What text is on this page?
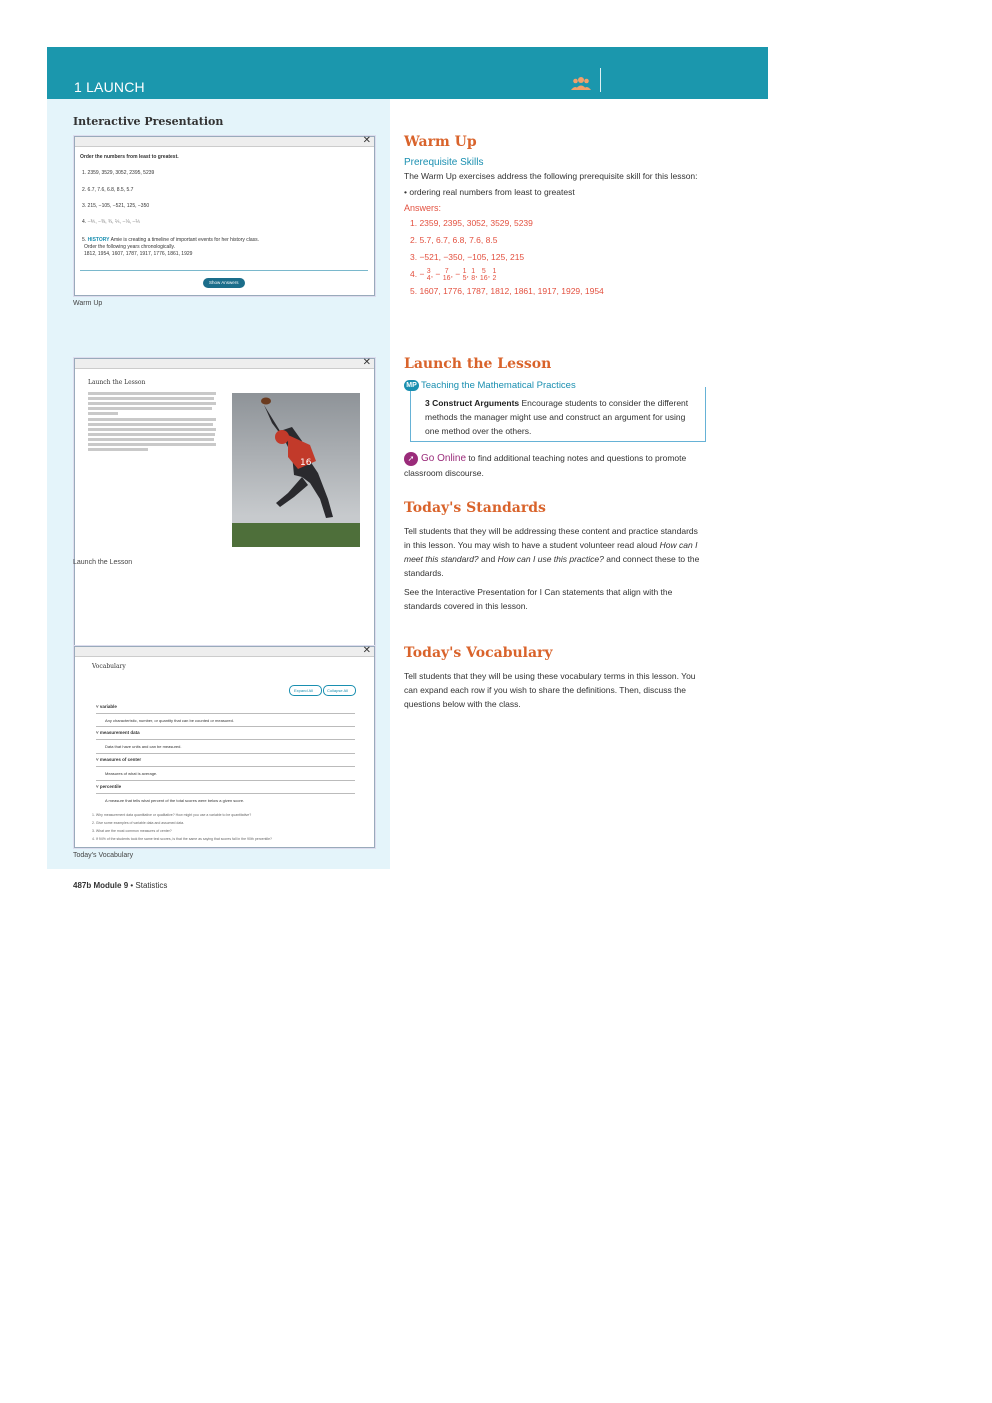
1 LAUNCH
Interactive Presentation
✕
Order the numbers from least to greatest.
1. 2359, 3529, 3052, 2395, 5239
2. 6.7, 7.6, 6.8, 8.5, 5.7
3. 215, −105, −521, 125, −350
4. −⅗, −⅜, ¾, ⅖, −⅛, −⅖
5. HISTORY Amie is creating a timeline of important events for her history class.
Order the following years chronologically.
1812, 1954, 1607, 1787, 1917, 1776, 1861, 1929
Show Answers
Warm Up
✕
Launch the Lesson
16
Launch the Lesson
✕
Vocabulary
Expand All	Collapse All
˅ variable
Any characteristic, number, or quantity that can be counted or measured.
˅ measurement data
Data that have units and can be measured.
˅ measures of center
Measures of what is average.
˅ percentile
A measure that tells what percent of the total scores were below a given score.
1. Why measurement data quantitative or qualitative? How might you use a variable to be quantitative?
2. Give some examples of variable data and assumed data.
3. What are the most common measures of center?
4. If 94% of the students took the same test scores, is that the same as saying that scores fall in the 90th percentile?
Today's Vocabulary
Warm Up
Prerequisite Skills
The Warm Up exercises address the following prerequisite skill for this lesson:
• ordering real numbers from least to greatest
Answers:
1. 2359, 2395, 3052, 3529, 5239
2. 5.7, 6.7, 6.8, 7.6, 8.5
3. −521, −350, −105, 125, 215
4. − 3
4, − 7
16, − 1
5, 1
8, 5
16, 1
2
5. 1607, 1776, 1787, 1812, 1861, 1917, 1929, 1954
Launch the Lesson
MP Teaching the Mathematical Practices
3 Construct Arguments Encourage students to consider the different methods the manager might use and construct an argument for using one method over the others.
➚ Go Online to find additional teaching notes and questions to promote classroom discourse.
Today's Standards
Tell students that they will be addressing these content and practice standards in this lesson. You may wish to have a student volunteer read aloud How can I meet this standard? and How can I use this practice? and connect these to the standards.
See the Interactive Presentation for I Can statements that align with the standards covered in this lesson.
Today's Vocabulary
Tell students that they will be using these vocabulary terms in this lesson. You can expand each row if you wish to share the definitions. Then, discuss the questions below with the class.
487b Module 9 • Statistics
